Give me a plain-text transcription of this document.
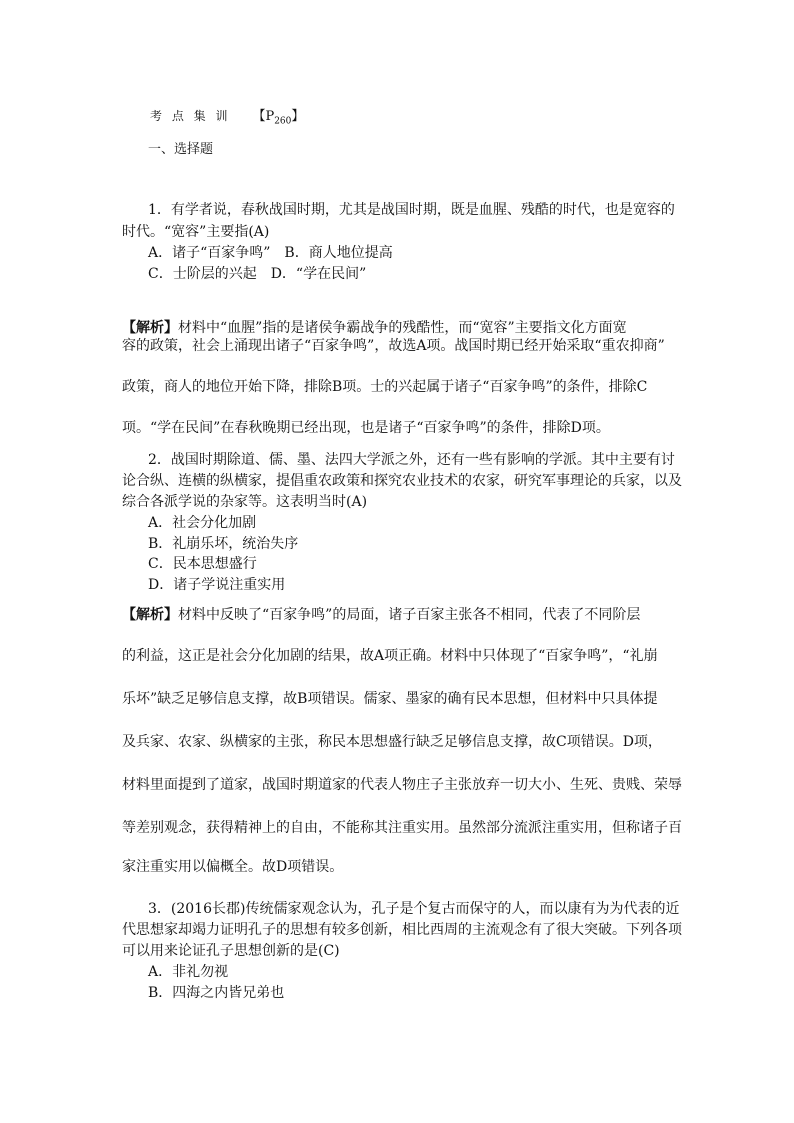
考 点 集 训 【$P_{260}$】
一、选择题
1．有学者说，春秋战国时期，尤其是战国时期，既是血腥、残酷的时代，也是宽容的
时代。“宽容”主要指(A)
A．诸子“百家争鸣”　B．商人地位提高
C．士阶层的兴起　D．“学在民间”
【解析】材料中“血腥”指的是诸侯争霸战争的残酷性，而“宽容”主要指文化方面宽
容的政策，社会上涌现出诸子“百家争鸣”，故选A项。战国时期已经开始采取“重农抑商”
政策，商人的地位开始下降，排除B项。士的兴起属于诸子“百家争鸣”的条件，排除C
项。“学在民间”在春秋晚期已经出现，也是诸子“百家争鸣”的条件，排除D项。
2．战国时期除道、儒、墨、法四大学派之外，还有一些有影响的学派。其中主要有讨
论合纵、连横的纵横家，提倡重农政策和探究农业技术的农家，研究军事理论的兵家，以及
综合各派学说的杂家等。这表明当时(A)
A．社会分化加剧
B．礼崩乐坏，统治失序
C．民本思想盛行
D．诸子学说注重实用
【解析】材料中反映了“百家争鸣”的局面，诸子百家主张各不相同，代表了不同阶层
的利益，这正是社会分化加剧的结果，故A项正确。材料中只体现了“百家争鸣”，“礼崩
乐坏”缺乏足够信息支撑，故B项错误。儒家、墨家的确有民本思想，但材料中只具体提
及兵家、农家、纵横家的主张，称民本思想盛行缺乏足够信息支撑，故C项错误。D项，
材料里面提到了道家，战国时期道家的代表人物庄子主张放弃一切大小、生死、贵贱、荣辱
等差别观念，获得精神上的自由，不能称其注重实用。虽然部分流派注重实用，但称诸子百
家注重实用以偏概全。故D项错误。
3．(2016长郡)传统儒家观念认为，孔子是个复古而保守的人，而以康有为为代表的近
代思想家却竭力证明孔子的思想有较多创新，相比西周的主流观念有了很大突破。下列各项
可以用来论证孔子思想创新的是(C)
A．非礼勿视
B．四海之内皆兄弟也
